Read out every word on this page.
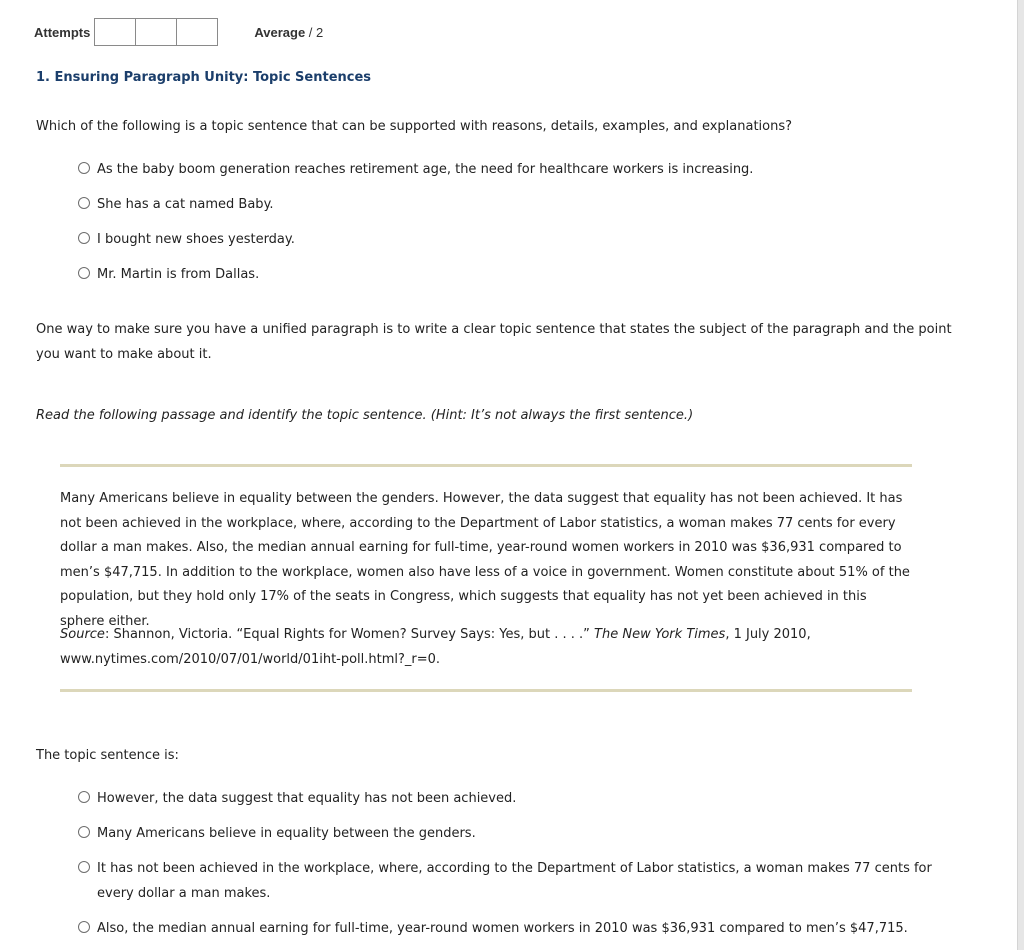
Attempts	Average / 2
1. Ensuring Paragraph Unity: Topic Sentences
Which of the following is a topic sentence that can be supported with reasons, details, examples, and explanations?
As the baby boom generation reaches retirement age, the need for healthcare workers is increasing.
She has a cat named Baby.
I bought new shoes yesterday.
Mr. Martin is from Dallas.
One way to make sure you have a unified paragraph is to write a clear topic sentence that states the subject of the paragraph and the point you want to make about it.
Read the following passage and identify the topic sentence. (Hint: It’s not always the first sentence.)
Many Americans believe in equality between the genders. However, the data suggest that equality has not been achieved. It has not been achieved in the workplace, where, according to the Department of Labor statistics, a woman makes 77 cents for every dollar a man makes. Also, the median annual earning for full-time, year-round women workers in 2010 was $36,931 compared to men’s $47,715. In addition to the workplace, women also have less of a voice in government. Women constitute about 51% of the population, but they hold only 17% of the seats in Congress, which suggests that equality has not yet been achieved in this sphere either.
Source: Shannon, Victoria. “Equal Rights for Women? Survey Says: Yes, but . . . .” The New York Times, 1 July 2010, www.nytimes.com/2010/07/01/world/01iht-poll.html?_r=0.
The topic sentence is:
However, the data suggest that equality has not been achieved.
Many Americans believe in equality between the genders.
It has not been achieved in the workplace, where, according to the Department of Labor statistics, a woman makes 77 cents for every dollar a man makes.
Also, the median annual earning for full-time, year-round women workers in 2010 was $36,931 compared to men’s $47,715.
